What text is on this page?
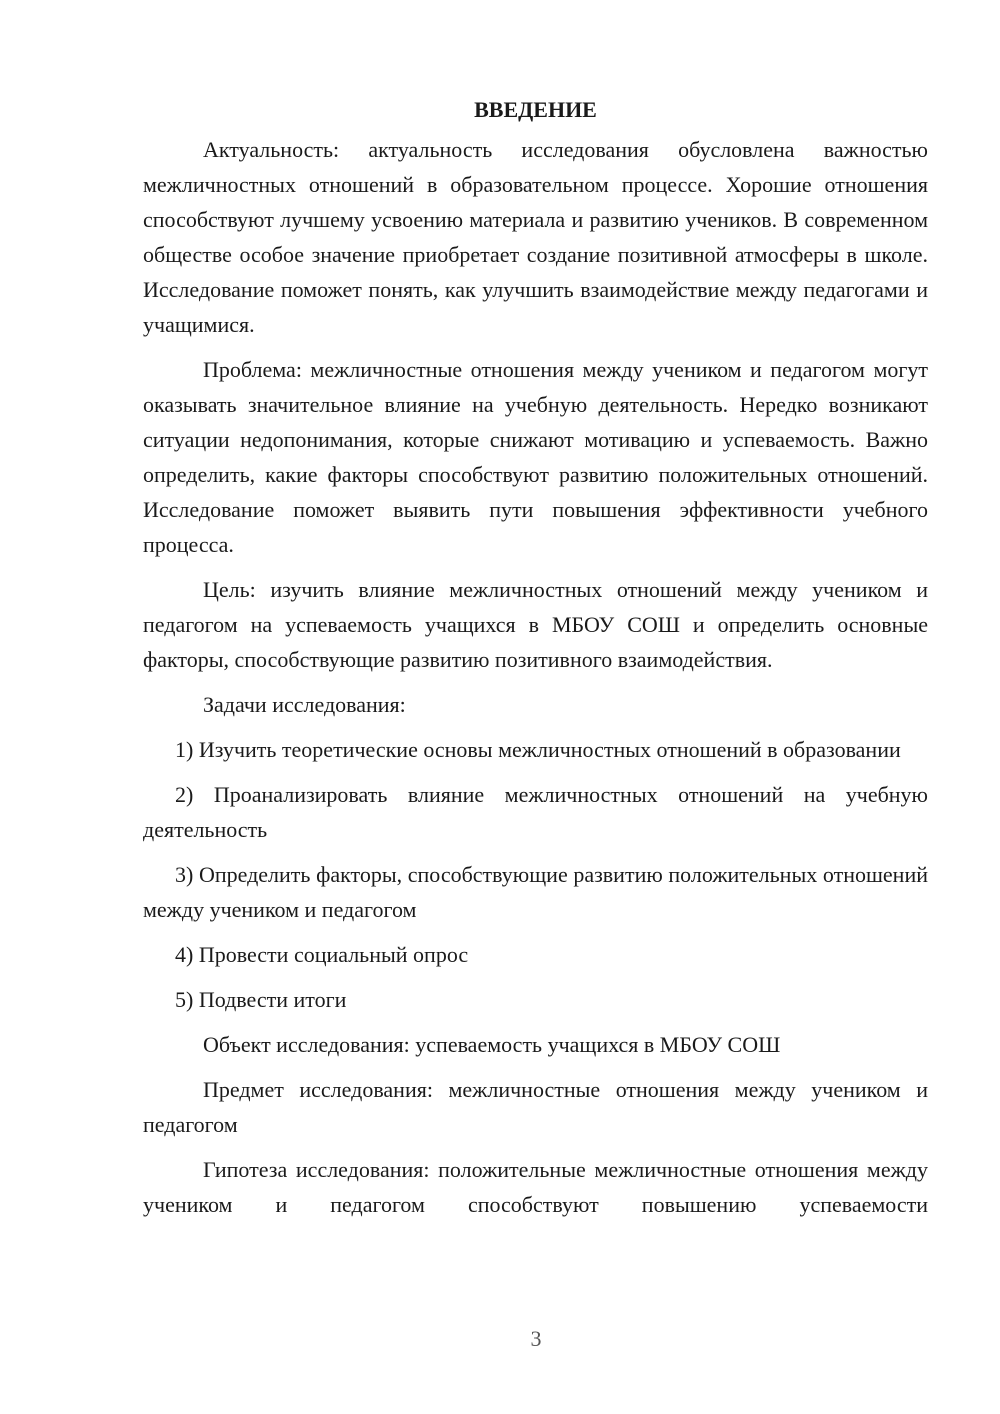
ВВЕДЕНИЕ

Актуальность: актуальность исследования обусловлена важностью межличностных отношений в образовательном процессе. Хорошие отношения способствуют лучшему усвоению материала и развитию учеников. В современном обществе особое значение приобретает создание позитивной атмосферы в школе. Исследование поможет понять, как улучшить взаимодействие между педагогами и учащимися.

Проблема: межличностные отношения между учеником и педагогом могут оказывать значительное влияние на учебную деятельность. Нередко возникают ситуации недопонимания, которые снижают мотивацию и успеваемость. Важно определить, какие факторы способствуют развитию положительных отношений. Исследование поможет выявить пути повышения эффективности учебного процесса.

Цель: изучить влияние межличностных отношений между учеником и педагогом на успеваемость учащихся в МБОУ СОШ и определить основные факторы, способствующие развитию позитивного взаимодействия.

Задачи исследования:

1) Изучить теоретические основы межличностных отношений в образовании

2) Проанализировать влияние межличностных отношений на учебную деятельность

3) Определить факторы, способствующие развитию положительных отношений между учеником и педагогом

4) Провести социальный опрос

5) Подвести итоги

Объект исследования: успеваемость учащихся в МБОУ СОШ

Предмет исследования: межличностные отношения между учеником и педагогом

Гипотеза исследования: положительные межличностные отношения между учеником и педагогом способствуют повышению успеваемости

3
